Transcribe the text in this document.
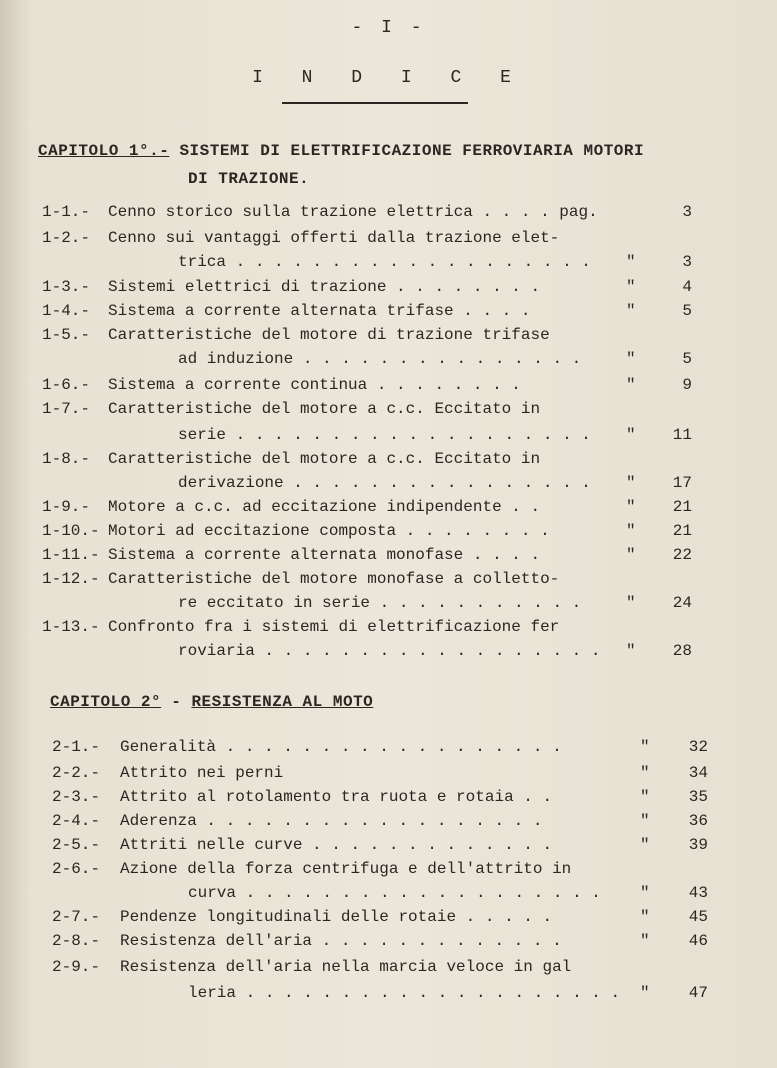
- I -
I N D I C E
CAPITOLO 1°.- SISTEMI DI ELETTRIFICAZIONE FERROVIARIA MOTORI
DI TRAZIONE.
CAPITOLO 2° - RESISTENZA AL MOTO
1-1.-	Cenno storico sulla trazione elettrica . . . . pag.	3
1-2.-	Cenno sui vantaggi offerti dalla trazione elet-
trica . . . . . . . . . . . . . . . . . . . "	3
1-3.-	Sistemi elettrici di trazione . . . . . . . .	"	4
1-4.-	Sistema a corrente alternata trifase . . . .	"	5
1-5.-	Caratteristiche del motore di trazione trifase
ad induzione . . . . . . . . . . . . . . .	"	5
1-6.-	Sistema a corrente continua . . . . . . . .	"	9
1-7.-	Caratteristiche del motore a c.c. Eccitato in
serie . . . . . . . . . . . . . . . . . . . "	11
1-8.-	Caratteristiche del motore a c.c. Eccitato in
derivazione . . . . . . . . . . . . . . . . "	17
1-9.-	Motore a c.c. ad eccitazione indipendente . .	"	21
1-10.- Motori ad eccitazione composta . . . . . . . .	"	21
1-11.- Sistema a corrente alternata monofase . . . .	"	22
1-12.- Caratteristiche del motore monofase a colletto-
re eccitato in serie . . . . . . . . . . .	"	24
1-13.- Confronto fra i sistemi di elettrificazione fer
roviaria . . . . . . . . . . . . . . . . . . "	28
2-1.-	Generalità . . . . . . . . . . . . . . . . . .	"	32
2-2.-	Attrito nei perni	"	34
2-3.-	Attrito al rotolamento tra ruota e rotaia . .	"	35
2-4.-	Aderenza . . . . . . . . . . . . . . . . . .	"	36
2-5.-	Attriti nelle curve . . . . . . . . . . . . .	"	39
2-6.-	Azione della forza centrifuga e dell'attrito in
curva . . . . . . . . . . . . . . . . . . . "	43
2-7.-	Pendenze longitudinali delle rotaie . . . . .	"	45
2-8.-	Resistenza dell'aria . . . . . . . . . . . . .	"	46
2-9.-	Resistenza dell'aria nella marcia veloce in gal
leria . . . . . . . . . . . . . . . . . . . . "	47
